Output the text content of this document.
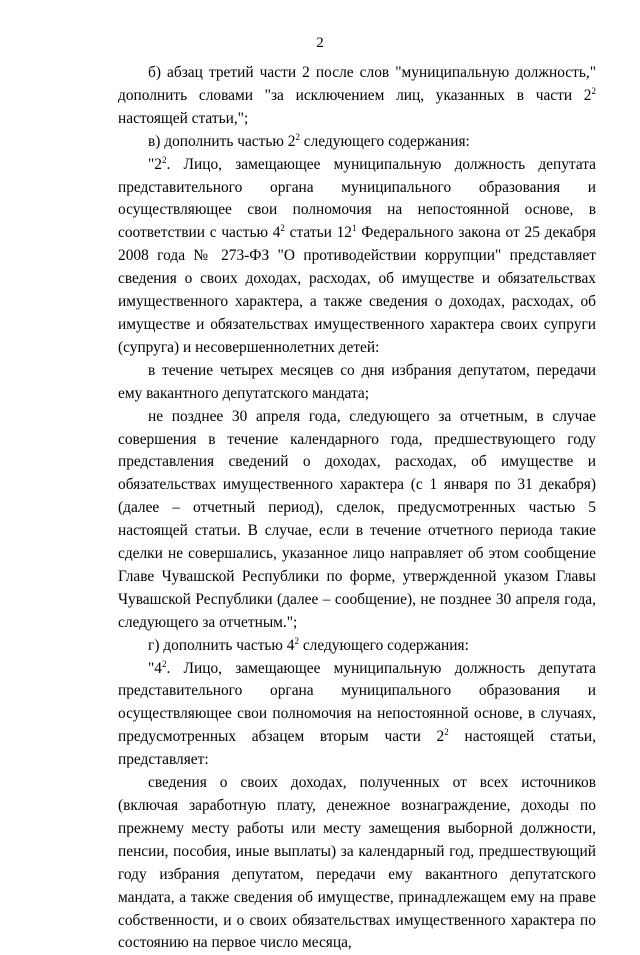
2

б) абзац третий части 2 после слов "муниципальную должность," дополнить словами "за исключением лиц, указанных в части $2^2$ настоящей статьи,";

в) дополнить частью $2^2$ следующего содержания:

"$2^2$. Лицо, замещающее муниципальную должность депутата представительного органа муниципального образования и осуществляющее свои полномочия на непостоянной основе, в соответствии с частью $4^2$ статьи $12^1$ Федерального закона от 25 декабря 2008 года № 273-ФЗ "О противодействии коррупции" представляет сведения о своих доходах, расходах, об имуществе и обязательствах имущественного характера, а также сведения о доходах, расходах, об имуществе и обязательствах имущественного характера своих супруги (супруга) и несовершеннолетних детей:

в течение четырех месяцев со дня избрания депутатом, передачи ему вакантного депутатского мандата;

не позднее 30 апреля года, следующего за отчетным, в случае совершения в течение календарного года, предшествующего году представления сведений о доходах, расходах, об имуществе и обязательствах имущественного характера (с 1 января по 31 декабря) (далее – отчетный период), сделок, предусмотренных частью 5 настоящей статьи. В случае, если в течение отчетного периода такие сделки не совершались, указанное лицо направляет об этом сообщение Главе Чувашской Республики по форме, утвержденной указом Главы Чувашской Республики (далее – сообщение), не позднее 30 апреля года, следующего за отчетным.";

г) дополнить частью $4^2$ следующего содержания:

"$4^2$. Лицо, замещающее муниципальную должность депутата представительного органа муниципального образования и осуществляющее свои полномочия на непостоянной основе, в случаях, предусмотренных абзацем вторым части $2^2$ настоящей статьи, представляет:

сведения о своих доходах, полученных от всех источников (включая заработную плату, денежное вознаграждение, доходы по прежнему месту работы или месту замещения выборной должности, пенсии, пособия, иные выплаты) за календарный год, предшествующий году избрания депутатом, передачи ему вакантного депутатского мандата, а также сведения об имуществе, принадлежащем ему на праве собственности, и о своих обязательствах имущественного характера по состоянию на первое число месяца,
